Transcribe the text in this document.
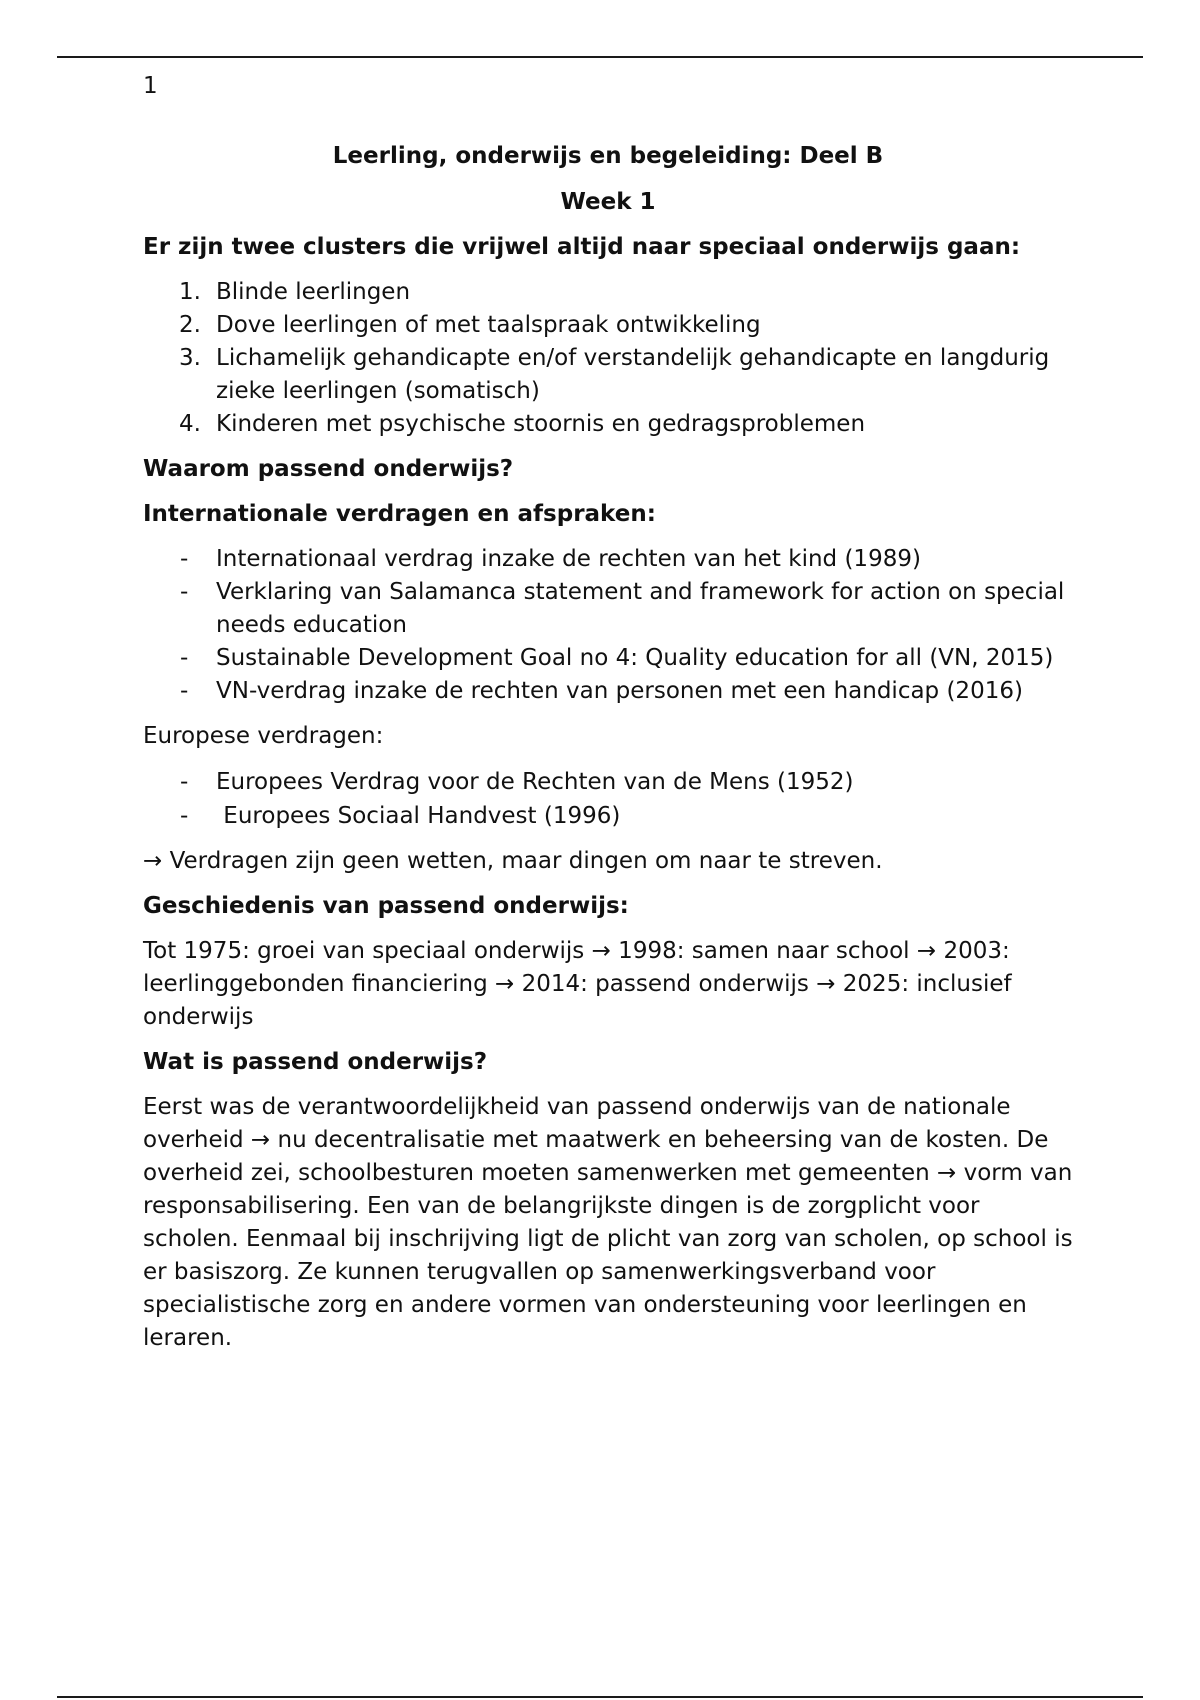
1
Leerling, onderwijs en begeleiding: Deel B
Week 1
Er zijn twee clusters die vrijwel altijd naar speciaal onderwijs gaan:
1. Blinde leerlingen
2. Dove leerlingen of met taalspraak ontwikkeling
3. Lichamelijk gehandicapte en/of verstandelijk gehandicapte en langdurig zieke leerlingen (somatisch)
4. Kinderen met psychische stoornis en gedragsproblemen
Waarom passend onderwijs?
Internationale verdragen en afspraken:
- Internationaal verdrag inzake de rechten van het kind (1989)
- Verklaring van Salamanca statement and framework for action on special needs education
- Sustainable Development Goal no 4: Quality education for all (VN, 2015)
- VN-verdrag inzake de rechten van personen met een handicap (2016)

Europese verdragen:

- Europees Verdrag voor de Rechten van de Mens (1952)
- Europees Sociaal Handvest (1996)

→ Verdragen zijn geen wetten, maar dingen om naar te streven.

Geschiedenis van passend onderwijs:

Tot 1975: groei van speciaal onderwijs → 1998: samen naar school → 2003: leerlinggebonden financiering → 2014: passend onderwijs → 2025: inclusief onderwijs

Wat is passend onderwijs?

Eerst was de verantwoordelijkheid van passend onderwijs van de nationale overheid → nu decentralisatie met maatwerk en beheersing van de kosten. De overheid zei, schoolbesturen moeten samenwerken met gemeenten → vorm van responsabilisering. Een van de belangrijkste dingen is de zorgplicht voor scholen. Eenmaal bij inschrijving ligt de plicht van zorg van scholen, op school is er basiszorg. Ze kunnen terugvallen op samenwerkingsverband voor specialistische zorg en andere vormen van ondersteuning voor leerlingen en leraren.
